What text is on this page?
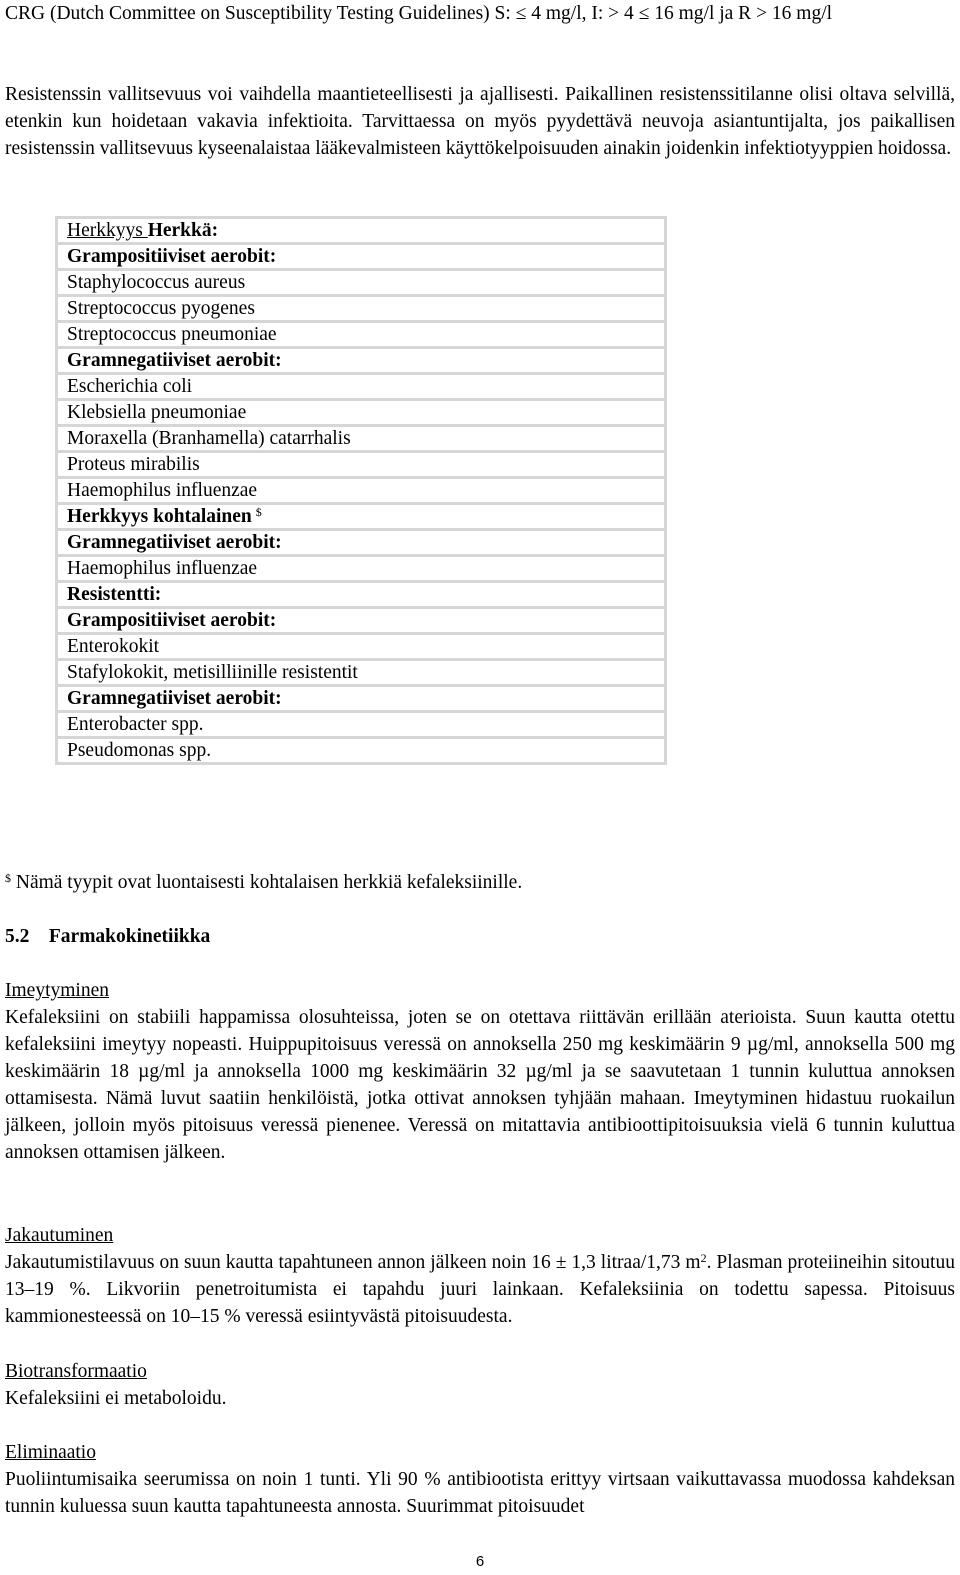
CRG (Dutch Committee on Susceptibility Testing Guidelines) S: ≤ 4 mg/l, I: > 4 ≤ 16 mg/l ja R > 16 mg/l

Resistenssin vallitsevuus voi vaihdella maantieteellisesti ja ajallisesti. Paikallinen resistenssitilanne olisi oltava selvillä, etenkin kun hoidetaan vakavia infektioita. Tarvittaessa on myös pyydettävä neuvoja asiantuntijalta, jos paikallisen resistenssin vallitsevuus kyseenalaistaa lääkevalmisteen käyttökelpoisuuden ainakin joidenkin infektiotyyppien hoidossa.

$ Nämä tyypit ovat luontaisesti kohtalaisen herkkiä kefaleksiinille.

5.2 Farmakokinetiikka

Imeytyminen

Kefaleksiini on stabiili happamissa olosuhteissa, joten se on otettava riittävän erillään aterioista. Suun kautta otettu kefaleksiini imeytyy nopeasti. Huippupitoisuus veressä on annoksella 250 mg keskimäärin 9 µg/ml, annoksella 500 mg keskimäärin 18 µg/ml ja annoksella 1000 mg keskimäärin 32 µg/ml ja se saavutetaan 1 tunnin kuluttua annoksen ottamisesta. Nämä luvut saatiin henkilöistä, jotka ottivat annoksen tyhjään mahaan. Imeytyminen hidastuu ruokailun jälkeen, jolloin myös pitoisuus veressä pienenee. Veressä on mitattavia antibioottipitoisuuksia vielä 6 tunnin kuluttua annoksen ottamisen jälkeen.

Jakautuminen

Jakautumistilavuus on suun kautta tapahtuneen annon jälkeen noin 16 ± 1,3 litraa/1,73 $m^2$. Plasman proteiineihin sitoutuu 13–19 %. Likvoriin penetroitumista ei tapahdu juuri lainkaan. Kefaleksiinia on todettu sapessa. Pitoisuus kammionesteessä on 10–15 % veressä esiintyvästä pitoisuudesta.

Biotransformaatio

Kefaleksiini ei metaboloidu.

Eliminaatio

Puoliintumisaika seerumissa on noin 1 tunti. Yli 90 % antibiootista erittyy virtsaan vaikuttavassa muodossa kahdeksan tunnin kuluessa suun kautta tapahtuneesta annosta. Suurimmat pitoisuudet

Herkkyys Herkkä:
Grampositiiviset aerobit:
Staphylococcus aureus
Streptococcus pyogenes
Streptococcus pneumoniae
Gramnegatiiviset aerobit:
Escherichia coli
Klebsiella pneumoniae
Moraxella (Branhamella) catarrhalis
Proteus mirabilis
Haemophilus influenzae
Herkkyys kohtalainen $
Gramnegatiiviset aerobit:
Haemophilus influenzae
Resistentti:
Grampositiiviset aerobit:
Enterokokit
Stafylokokit, metisilliinille resistentit
Gramnegatiiviset aerobit:
Enterobacter spp.
Pseudomonas spp.
6
